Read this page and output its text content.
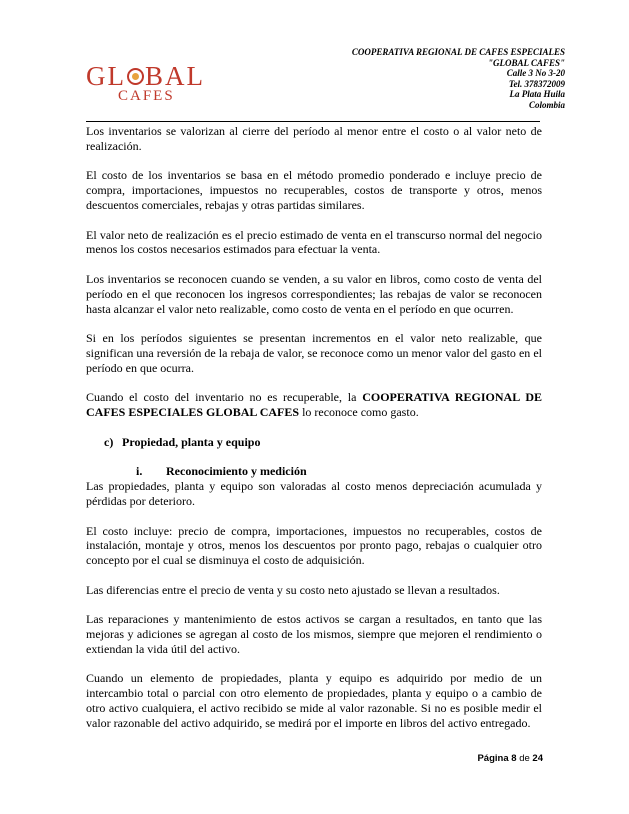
G L BAL
CAFES
COOPERATIVA REGIONAL DE CAFES ESPECIALES
"GLOBAL CAFES"
Calle 3 No 3-20
Tel. 378372009
La Plata Huila
Colombia

Los inventarios se valorizan al cierre del período al menor entre el costo o al valor neto de realización.

El costo de los inventarios se basa en el método promedio ponderado e incluye precio de compra, importaciones, impuestos no recuperables, costos de transporte y otros, menos descuentos comerciales, rebajas y otras partidas similares.

El valor neto de realización es el precio estimado de venta en el transcurso normal del negocio menos los costos necesarios estimados para efectuar la venta.

Los inventarios se reconocen cuando se venden, a su valor en libros, como costo de venta del período en el que reconocen los ingresos correspondientes; las rebajas de valor se reconocen hasta alcanzar el valor neto realizable, como costo de venta en el período en que ocurren.

Si en los períodos siguientes se presentan incrementos en el valor neto realizable, que significan una reversión de la rebaja de valor, se reconoce como un menor valor del gasto en el período en que ocurra.

Cuando el costo del inventario no es recuperable, la COOPERATIVA REGIONAL DE CAFES ESPECIALES GLOBAL CAFES lo reconoce como gasto.

c) Propiedad, planta y equipo
i. Reconocimiento y medición

Las propiedades, planta y equipo son valoradas al costo menos depreciación acumulada y pérdidas por deterioro.

El costo incluye: precio de compra, importaciones, impuestos no recuperables, costos de instalación, montaje y otros, menos los descuentos por pronto pago, rebajas o cualquier otro concepto por el cual se disminuya el costo de adquisición.

Las diferencias entre el precio de venta y su costo neto ajustado se llevan a resultados.

Las reparaciones y mantenimiento de estos activos se cargan a resultados, en tanto que las mejoras y adiciones se agregan al costo de los mismos, siempre que mejoren el rendimiento o extiendan la vida útil del activo.

Cuando un elemento de propiedades, planta y equipo es adquirido por medio de un intercambio total o parcial con otro elemento de propiedades, planta y equipo o a cambio de otro activo cualquiera, el activo recibido se mide al valor razonable. Si no es posible medir el valor razonable del activo adquirido, se medirá por el importe en libros del activo entregado.

Página 8 de 24
